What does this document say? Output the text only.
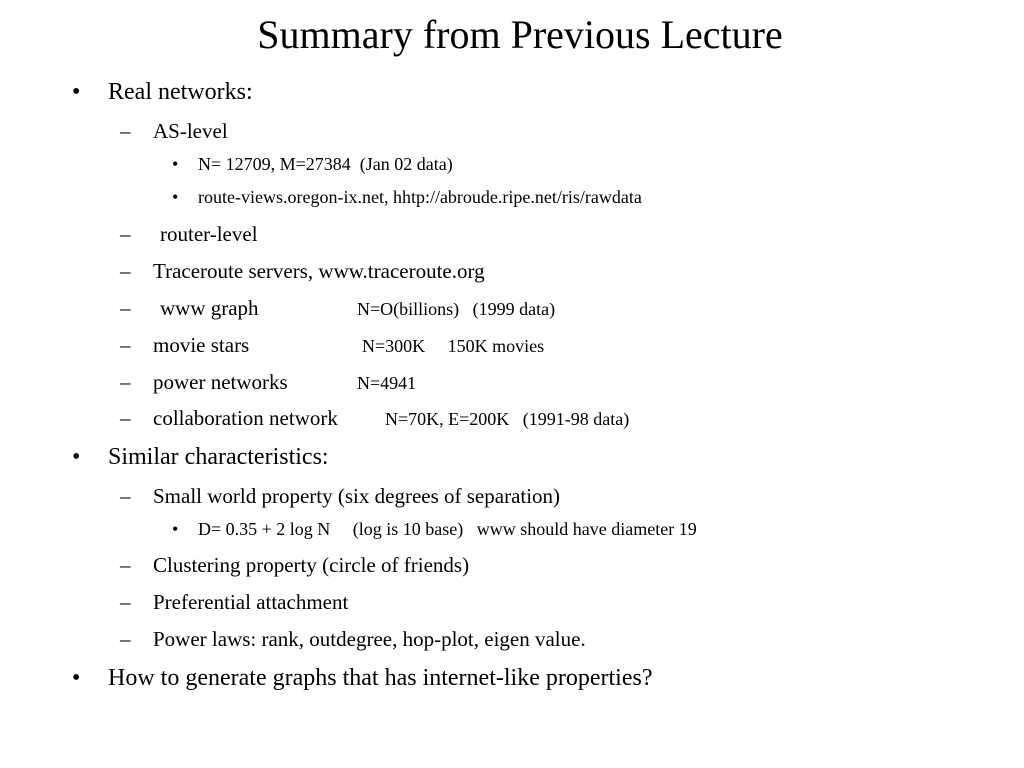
Summary from Previous Lecture
• Real networks:
– AS-level
• N= 12709, M=27384  (Jan 02 data)
• route-views.oregon-ix.net, hhtp://abroude.ripe.net/ris/rawdata
– router-level
– Traceroute servers, www.traceroute.org
– www graph	N=O(billions)   (1999 data)
– movie stars	N=300K     150K movies
– power networks	N=4941
– collaboration network	N=70K, E=200K   (1991-98 data)
• Similar characteristics:
– Small world property (six degrees of separation)
• D= 0.35 + 2 log N     (log is 10 base)   www should have diameter 19
– Clustering property (circle of friends)
– Preferential attachment
– Power laws: rank, outdegree, hop-plot, eigen value.
• How to generate graphs that has internet-like properties?
